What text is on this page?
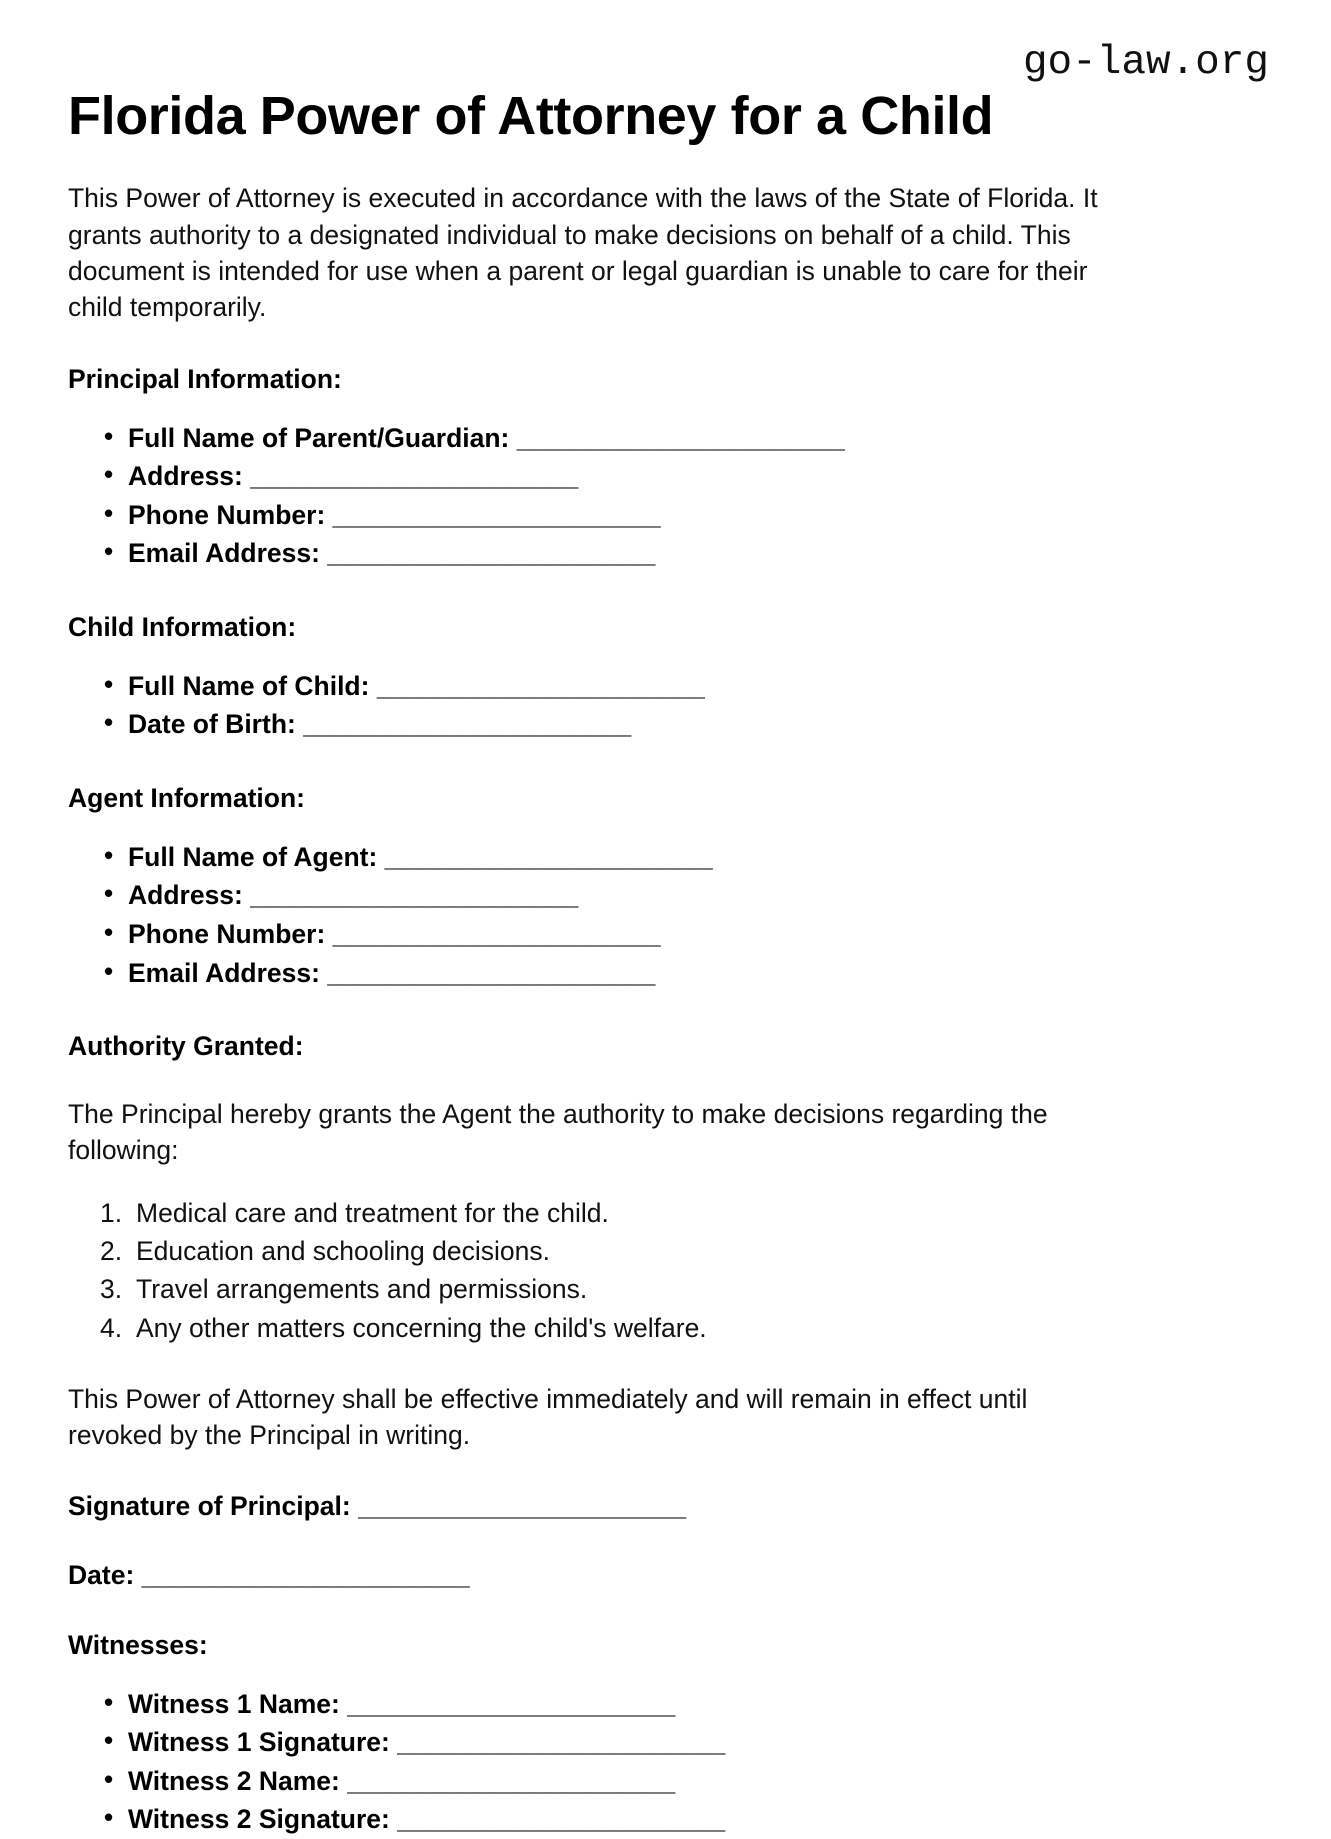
go-law.org
Florida Power of Attorney for a Child

This Power of Attorney is executed in accordance with the laws of the State of Florida. It grants authority to a designated individual to make decisions on behalf of a child. This document is intended for use when a parent or legal guardian is unable to care for their child temporarily.

Principal Information:
• Full Name of Parent/Guardian: _______________________
• Address: _______________________
• Phone Number: _______________________
• Email Address: _______________________
Child Information:
• Full Name of Child: _______________________
• Date of Birth: _______________________
Agent Information:
• Full Name of Agent: _______________________
• Address: _______________________
• Phone Number: _______________________
• Email Address: _______________________
Authority Granted:

The Principal hereby grants the Agent the authority to make decisions regarding the following:

Medical care and treatment for the child.
Education and schooling decisions.
Travel arrangements and permissions.
Any other matters concerning the child's welfare.

This Power of Attorney shall be effective immediately and will remain in effect until revoked by the Principal in writing.

Signature of Principal: _______________________

Date: _______________________

Witnesses:
• Witness 1 Name: _______________________
• Witness 1 Signature: _______________________
• Witness 2 Name: _______________________
• Witness 2 Signature: _______________________
